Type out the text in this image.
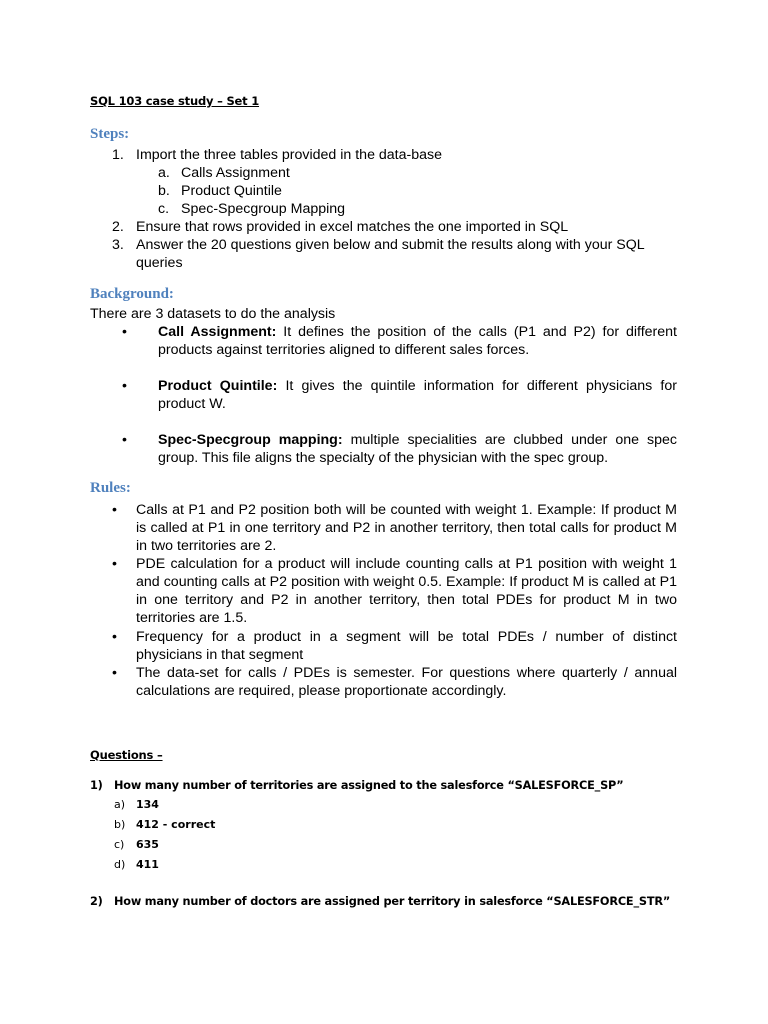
SQL 103 case study – Set 1
Steps:
1. Import the three tables provided in the data-base
a. Calls Assignment
b. Product Quintile
c. Spec-Specgroup Mapping
2. Ensure that rows provided in excel matches the one imported in SQL
3. Answer the 20 questions given below and submit the results along with your SQL queries
Background:
There are 3 datasets to do the analysis
• Call Assignment: It defines the position of the calls (P1 and P2) for different products against territories aligned to different sales forces.
• Product Quintile: It gives the quintile information for different physicians for product W.
• Spec-Specgroup mapping: multiple specialities are clubbed under one spec group. This file aligns the specialty of the physician with the spec group.
Rules:
• Calls at P1 and P2 position both will be counted with weight 1. Example: If product M is called at P1 in one territory and P2 in another territory, then total calls for product M in two territories are 2.
• PDE calculation for a product will include counting calls at P1 position with weight 1 and counting calls at P2 position with weight 0.5. Example: If product M is called at P1 in one territory and P2 in another territory, then total PDEs for product M in two territories are 1.5.
• Frequency for a product in a segment will be total PDEs / number of distinct physicians in that segment
• The data-set for calls / PDEs is semester. For questions where quarterly / annual calculations are required, please proportionate accordingly.
Questions –
1) How many number of territories are assigned to the salesforce “SALESFORCE_SP”
a) 134
b) 412 - correct
c) 635
d) 411
2) How many number of doctors are assigned per territory in salesforce “SALESFORCE_STR”
